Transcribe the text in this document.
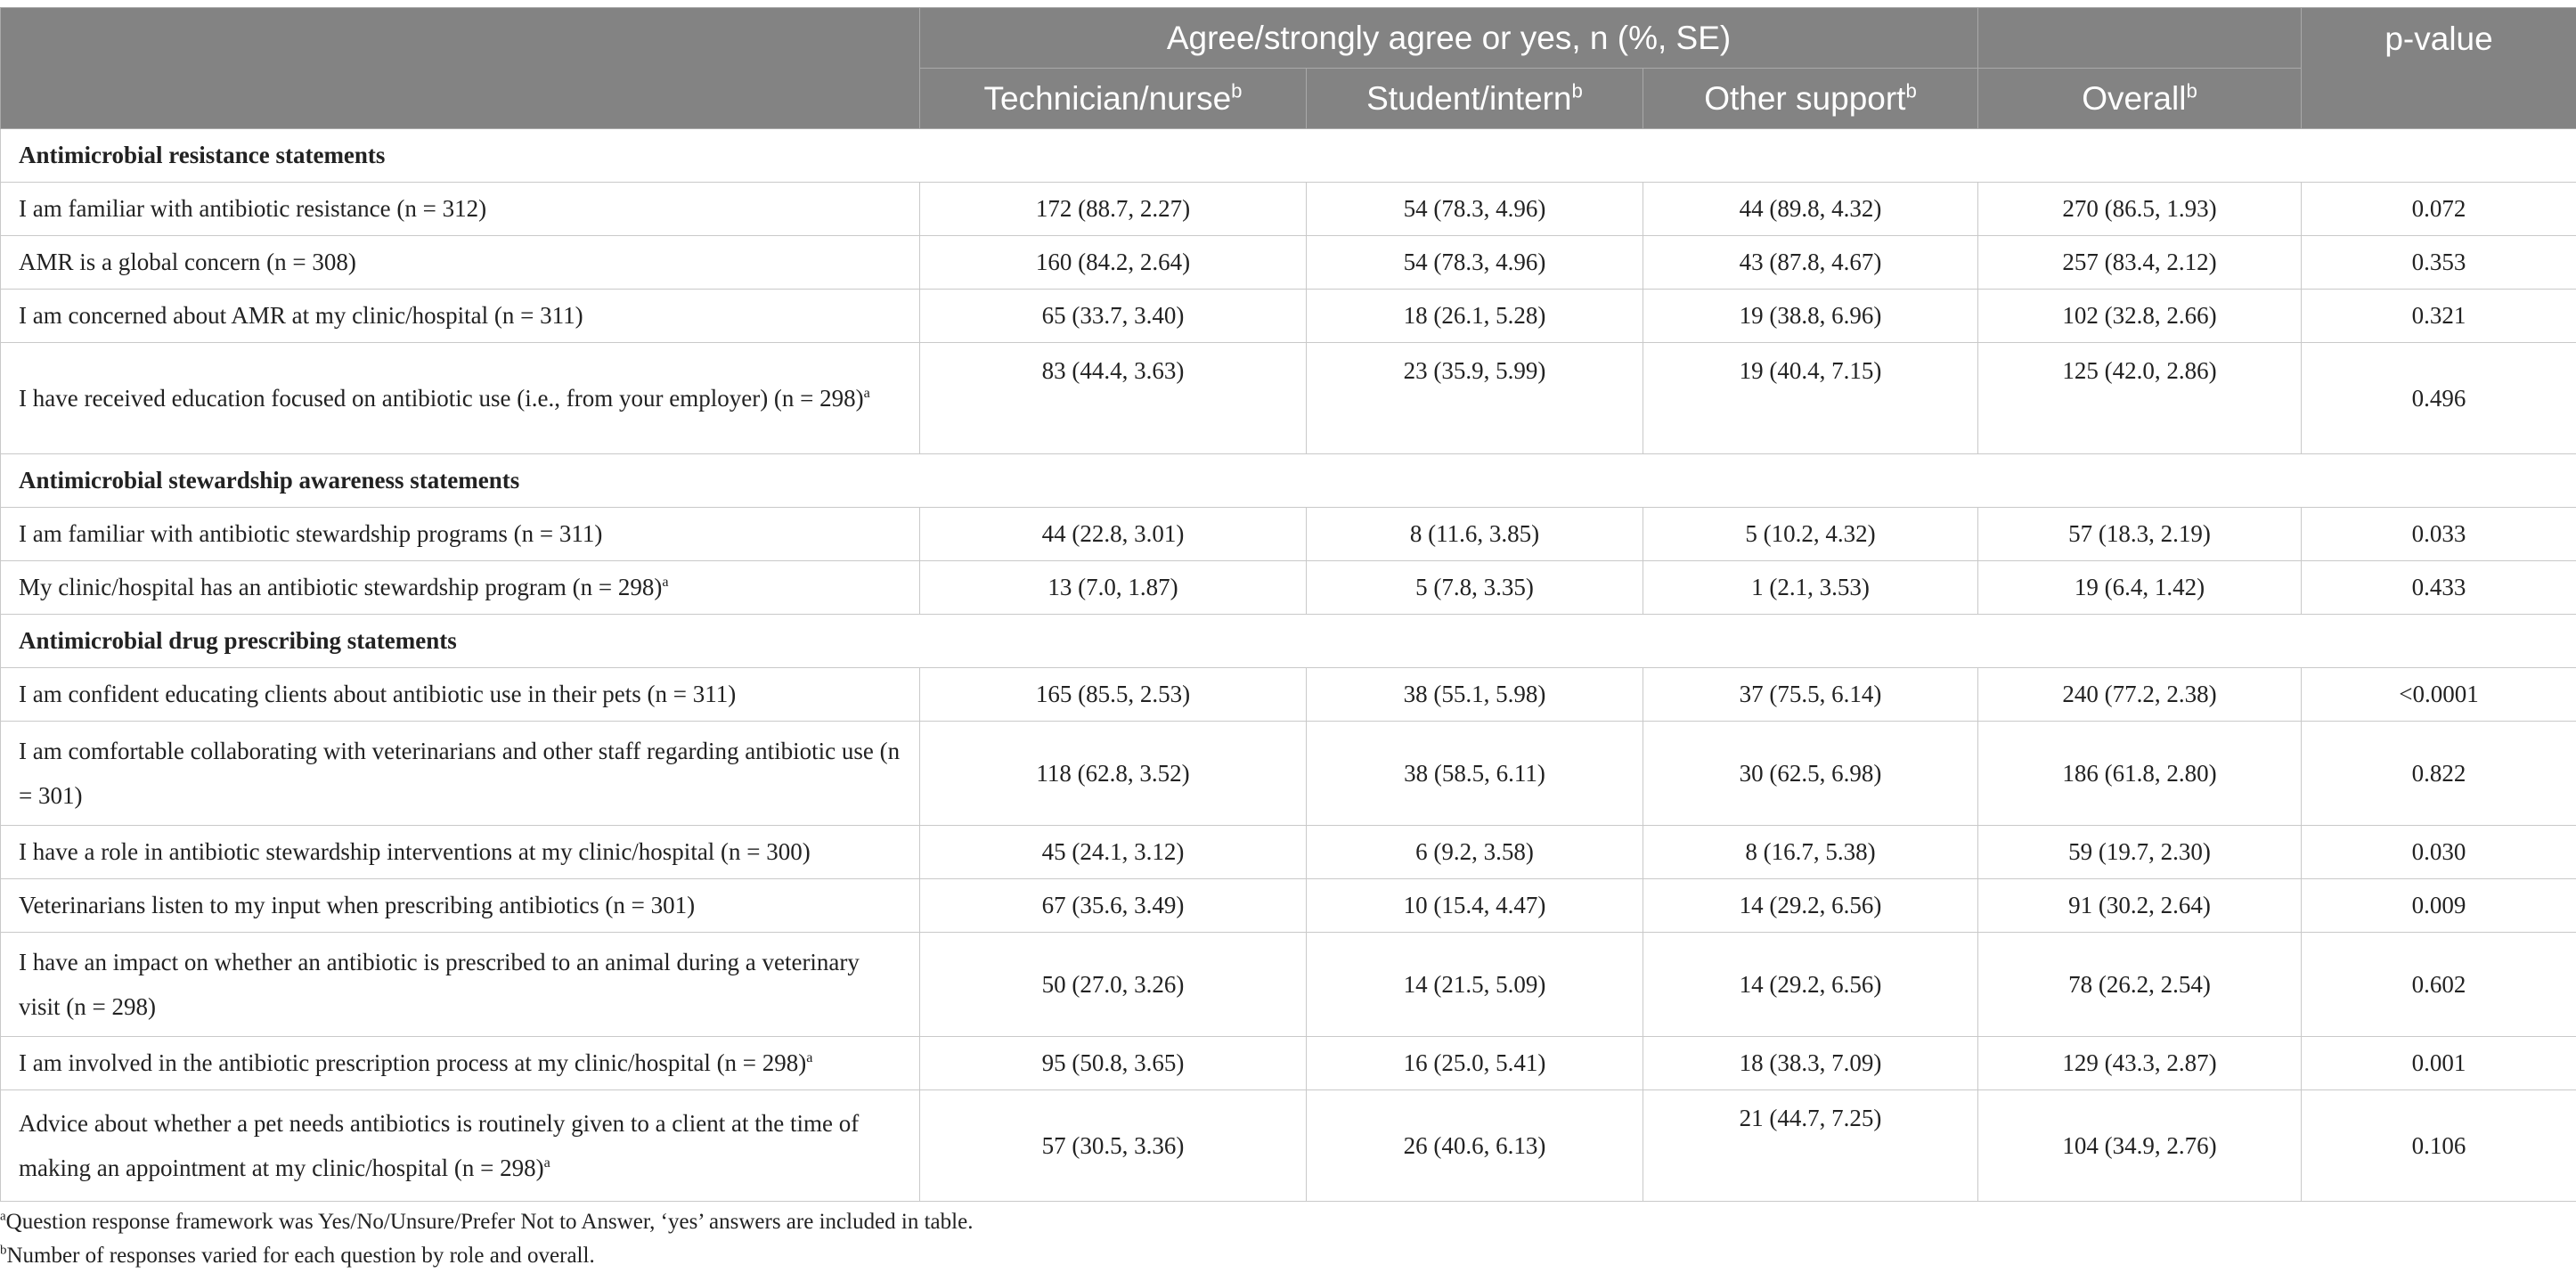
	Agree/strongly agree or yes, n (%, SE)				p-value
	Technician/nurse$^b$	Student/intern$^b$	Other support$^b$	Overall$^b$
Antimicrobial resistance statements					
I am familiar with antibiotic resistance (n = 312)	172 (88.7, 2.27)	54 (78.3, 4.96)	44 (89.8, 4.32)	270 (86.5, 1.93)	0.072
AMR is a global concern (n = 308)	160 (84.2, 2.64)	54 (78.3, 4.96)	43 (87.8, 4.67)	257 (83.4, 2.12)	0.353
I am concerned about AMR at my clinic/hospital (n = 311)	65 (33.7, 3.40)	18 (26.1, 5.28)	19 (38.8, 6.96)	102 (32.8, 2.66)	0.321
I have received education focused on antibiotic use (i.e., from your employer) (n = 298)$^a$	83 (44.4, 3.63)	23 (35.9, 5.99)	19 (40.4, 7.15)	125 (42.0, 2.86)	0.496
Antimicrobial stewardship awareness statements					
I am familiar with antibiotic stewardship programs (n = 311)	44 (22.8, 3.01)	8 (11.6, 3.85)	5 (10.2, 4.32)	57 (18.3, 2.19)	0.033
My clinic/hospital has an antibiotic stewardship program (n = 298)$^a$	13 (7.0, 1.87)	5 (7.8, 3.35)	1 (2.1, 3.53)	19 (6.4, 1.42)	0.433
Antimicrobial drug prescribing statements					
I am confident educating clients about antibiotic use in their pets (n = 311)	165 (85.5, 2.53)	38 (55.1, 5.98)	37 (75.5, 6.14)	240 (77.2, 2.38)	<0.0001
I am comfortable collaborating with veterinarians and other staff regarding antibiotic use (n = 301)	118 (62.8, 3.52)	38 (58.5, 6.11)	30 (62.5, 6.98)	186 (61.8, 2.80)	0.822
I have a role in antibiotic stewardship interventions at my clinic/hospital (n = 300)	45 (24.1, 3.12)	6 (9.2, 3.58)	8 (16.7, 5.38)	59 (19.7, 2.30)	0.030
Veterinarians listen to my input when prescribing antibiotics (n = 301)	67 (35.6, 3.49)	10 (15.4, 4.47)	14 (29.2, 6.56)	91 (30.2, 2.64)	0.009
I have an impact on whether an antibiotic is prescribed to an animal during a veterinary visit (n = 298)	50 (27.0, 3.26)	14 (21.5, 5.09)	14 (29.2, 6.56)	78 (26.2, 2.54)	0.602
I am involved in the antibiotic prescription process at my clinic/hospital (n = 298)$^a$	95 (50.8, 3.65)	16 (25.0, 5.41)	18 (38.3, 7.09)	129 (43.3, 2.87)	0.001
Advice about whether a pet needs antibiotics is routinely given to a client at the time of making an appointment at my clinic/hospital (n = 298)$^a$	57 (30.5, 3.36)	26 (40.6, 6.13)	21 (44.7, 7.25)	104 (34.9, 2.76)	0.106

$^a$Question response framework was Yes/No/Unsure/Prefer Not to Answer, ‘yes’ answers are included in table.

$^b$Number of responses varied for each question by role and overall.
